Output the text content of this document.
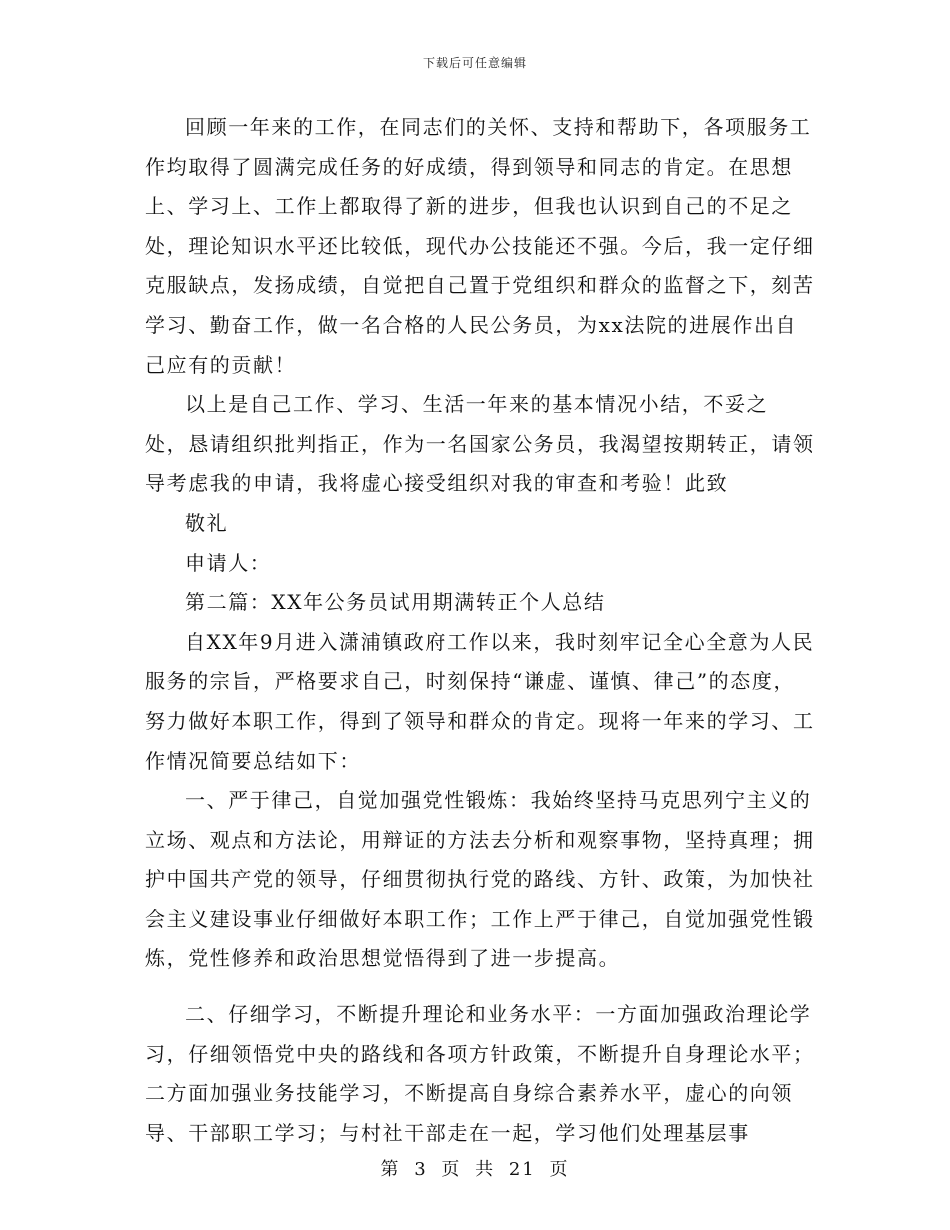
下载后可任意编辑

回顾一年来的工作，在同志们的关怀、支持和帮助下，各项服务工作均取得了圆满完成任务的好成绩，得到领导和同志的肯定。在思想上、学习上、工作上都取得了新的进步，但我也认识到自己的不足之处，理论知识水平还比较低，现代办公技能还不强。今后，我一定仔细克服缺点，发扬成绩，自觉把自己置于党组织和群众的监督之下，刻苦学习、勤奋工作，做一名合格的人民公务员，为xx法院的进展作出自己应有的贡献！

以上是自己工作、学习、生活一年来的基本情况小结，不妥之

处，恳请组织批判指正，作为一名国家公务员，我渴望按期转正，请领导考虑我的申请，我将虚心接受组织对我的审查和考验！此致

敬礼

申请人：

第二篇：XX年公务员试用期满转正个人总结

自XX年9月进入潇浦镇政府工作以来，我时刻牢记全心全意为人民服务的宗旨，严格要求自己，时刻保持“谦虚、谨慎、律己”的态度，努力做好本职工作，得到了领导和群众的肯定。现将一年来的学习、工作情况简要总结如下：

一、严于律己，自觉加强党性锻炼：我始终坚持马克思列宁主义的立场、观点和方法论，用辩证的方法去分析和观察事物，坚持真理；拥护中国共产党的领导，仔细贯彻执行党的路线、方针、政策，为加快社会主义建设事业仔细做好本职工作；工作上严于律己，自觉加强党性锻炼，党性修养和政治思想觉悟得到了进一步提高。

二、仔细学习，不断提升理论和业务水平：一方面加强政治理论学习，仔细领悟党中央的路线和各项方针政策，不断提升自身理论水平；二方面加强业务技能学习，不断提高自身综合素养水平，虚心的向领导、干部职工学习；与村社干部走在一起，学习他们处理基层事

第 3 页 共 21 页
